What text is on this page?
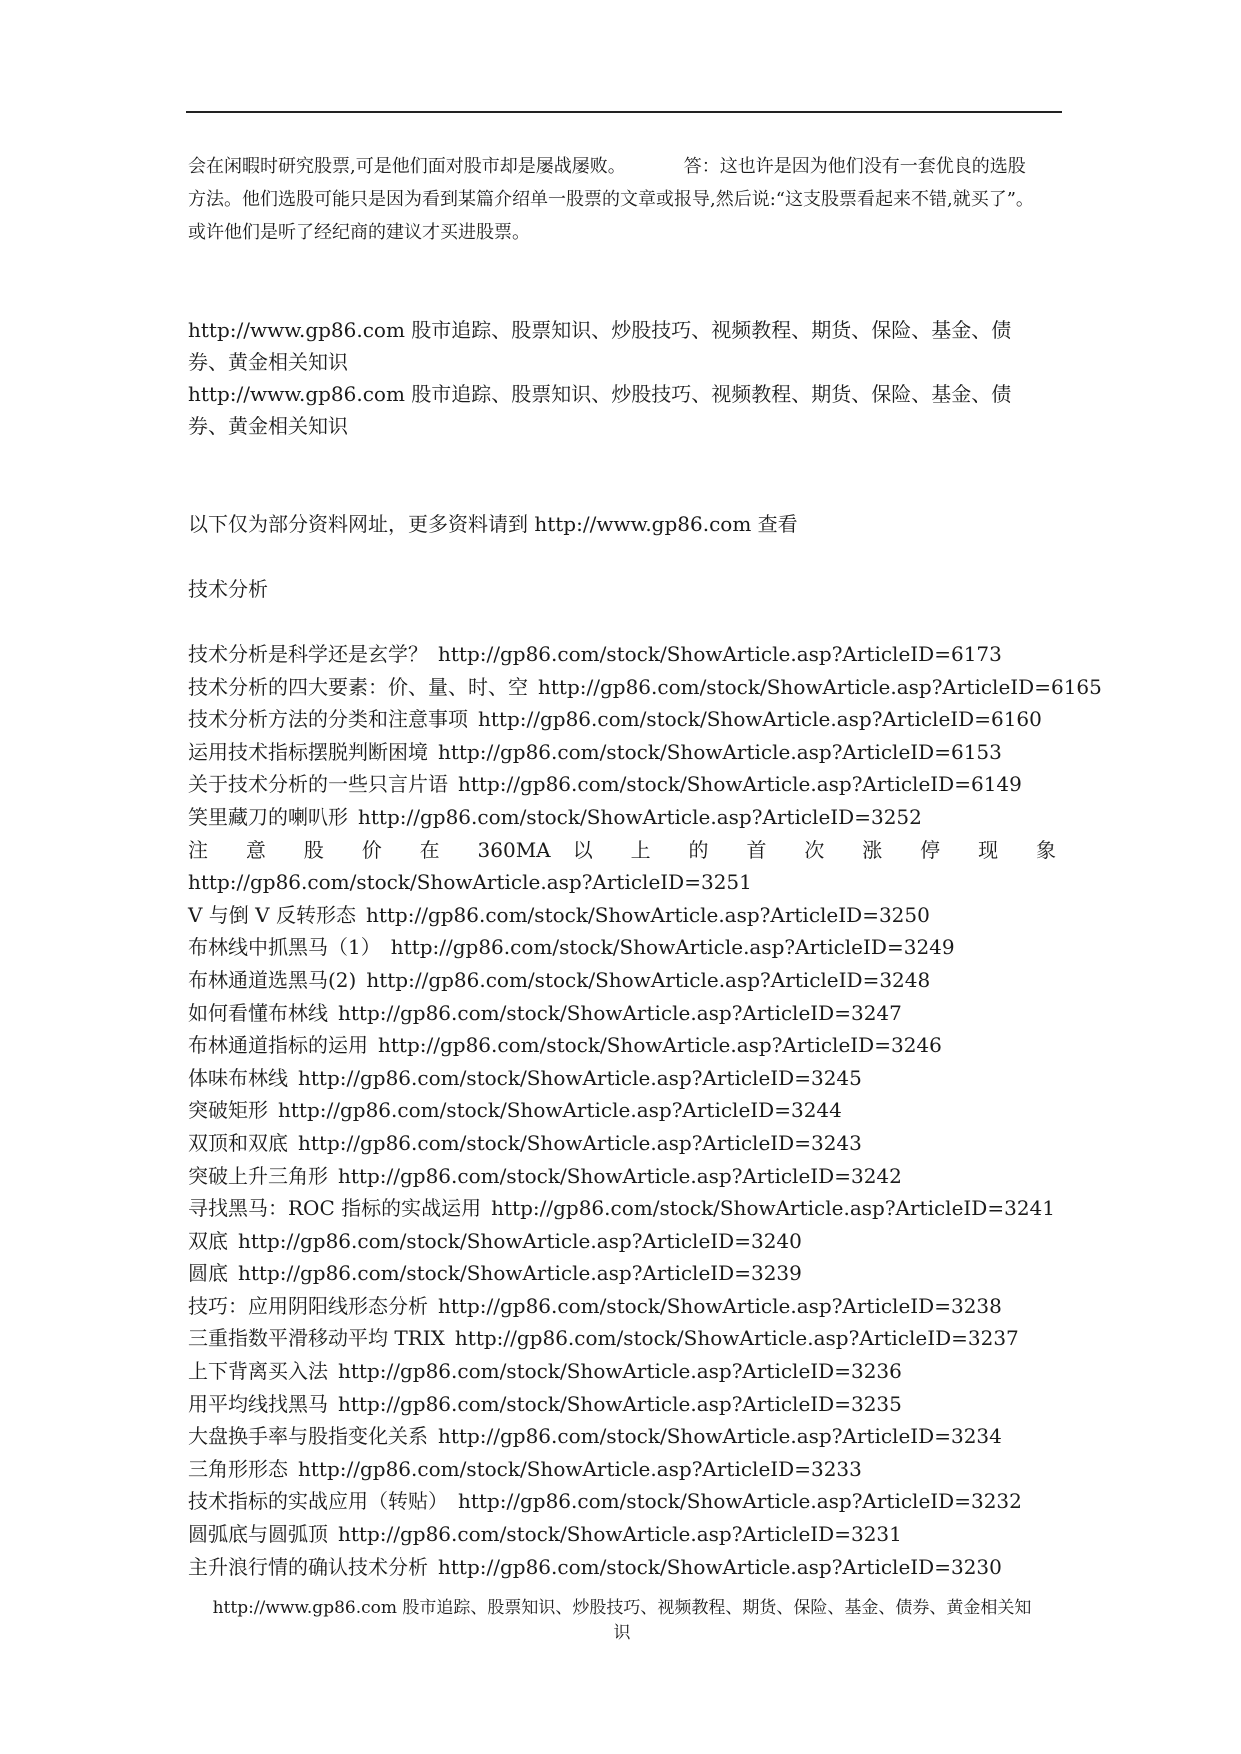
会在闲暇时研究股票,可是他们面对股市却是屡战屡败。	答：这也许是因为他们没有一套优良的选股

方法。他们选股可能只是因为看到某篇介绍单一股票的文章或报导,然后说:“这支股票看起来不错,就买了”。

或许他们是听了经纪商的建议才买进股票。

http://www.gp86.com 股市追踪、股票知识、炒股技巧、视频教程、期货、保险、基金、债

券、黄金相关知识

http://www.gp86.com 股市追踪、股票知识、炒股技巧、视频教程、期货、保险、基金、债

券、黄金相关知识

以下仅为部分资料网址，更多资料请到 http://www.gp86.com 查看
技术分析
技术分析是科学还是玄学？ http://gp86.com/stock/ShowArticle.asp?ArticleID=6173
技术分析的四大要素：价、量、时、空 http://gp86.com/stock/ShowArticle.asp?ArticleID=6165
技术分析方法的分类和注意事项 http://gp86.com/stock/ShowArticle.asp?ArticleID=6160
运用技术指标摆脱判断困境 http://gp86.com/stock/ShowArticle.asp?ArticleID=6153
关于技术分析的一些只言片语 http://gp86.com/stock/ShowArticle.asp?ArticleID=6149
笑里藏刀的喇叭形 http://gp86.com/stock/ShowArticle.asp?ArticleID=3252
注 意 股 价 在 360MA 以 上 的 首 次 涨 停 现 象
http://gp86.com/stock/ShowArticle.asp?ArticleID=3251
V 与倒 V 反转形态 http://gp86.com/stock/ShowArticle.asp?ArticleID=3250
布林线中抓黑马（1） http://gp86.com/stock/ShowArticle.asp?ArticleID=3249
布林通道选黑马(2) http://gp86.com/stock/ShowArticle.asp?ArticleID=3248
如何看懂布林线 http://gp86.com/stock/ShowArticle.asp?ArticleID=3247
布林通道指标的运用 http://gp86.com/stock/ShowArticle.asp?ArticleID=3246
体味布林线 http://gp86.com/stock/ShowArticle.asp?ArticleID=3245
突破矩形 http://gp86.com/stock/ShowArticle.asp?ArticleID=3244
双顶和双底 http://gp86.com/stock/ShowArticle.asp?ArticleID=3243
突破上升三角形 http://gp86.com/stock/ShowArticle.asp?ArticleID=3242
寻找黑马：ROC 指标的实战运用 http://gp86.com/stock/ShowArticle.asp?ArticleID=3241
双底 http://gp86.com/stock/ShowArticle.asp?ArticleID=3240
圆底 http://gp86.com/stock/ShowArticle.asp?ArticleID=3239
技巧：应用阴阳线形态分析 http://gp86.com/stock/ShowArticle.asp?ArticleID=3238
三重指数平滑移动平均 TRIX http://gp86.com/stock/ShowArticle.asp?ArticleID=3237
上下背离买入法 http://gp86.com/stock/ShowArticle.asp?ArticleID=3236
用平均线找黑马 http://gp86.com/stock/ShowArticle.asp?ArticleID=3235
大盘换手率与股指变化关系 http://gp86.com/stock/ShowArticle.asp?ArticleID=3234
三角形形态 http://gp86.com/stock/ShowArticle.asp?ArticleID=3233
技术指标的实战应用（转贴） http://gp86.com/stock/ShowArticle.asp?ArticleID=3232
圆弧底与圆弧顶 http://gp86.com/stock/ShowArticle.asp?ArticleID=3231
主升浪行情的确认技术分析 http://gp86.com/stock/ShowArticle.asp?ArticleID=3230
http://www.gp86.com 股市追踪、股票知识、炒股技巧、视频教程、期货、保险、基金、债券、黄金相关知
识
